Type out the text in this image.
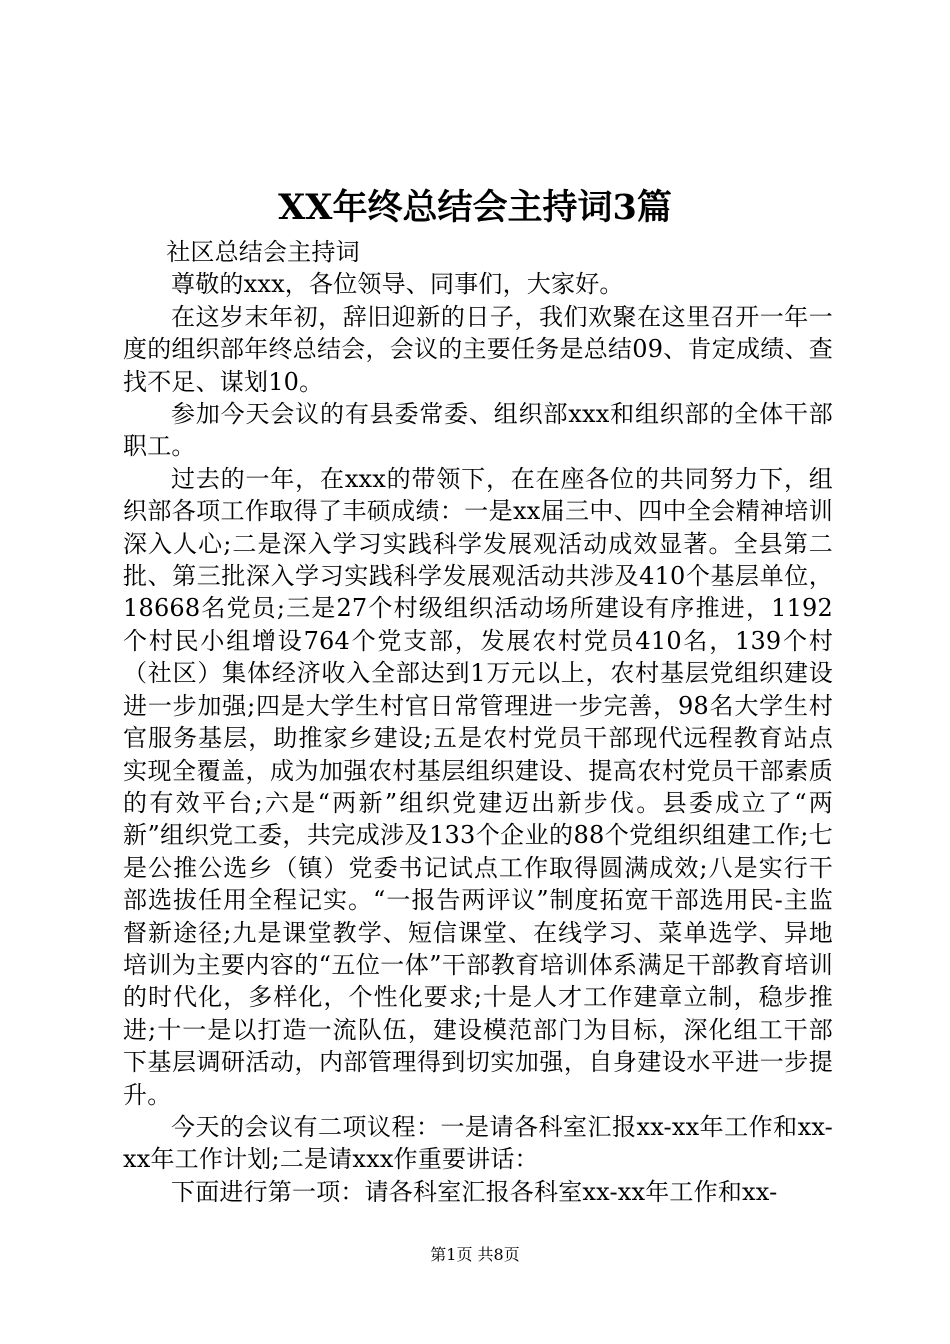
XX年终总结会主持词3篇

社区总结会主持词

尊敬的xxx，各位领导、同事们，大家好。

在这岁末年初，辞旧迎新的日子，我们欢聚在这里召开一年一度的组织部年终总结会，会议的主要任务是总结09、肯定成绩、查找不足、谋划10。

参加今天会议的有县委常委、组织部xxx和组织部的全体干部职工。

过去的一年，在xxx的带领下，在在座各位的共同努力下，组织部各项工作取得了丰硕成绩：一是xx届三中、四中全会精神培训深入人心;二是深入学习实践科学发展观活动成效显著。全县第二批、第三批深入学习实践科学发展观活动共涉及410个基层单位，18668名党员;三是27个村级组织活动场所建设有序推进，1192个村民小组增设764个党支部，发展农村党员410名，139个村（社区）集体经济收入全部达到1万元以上，农村基层党组织建设进一步加强;四是大学生村官日常管理进一步完善，98名大学生村官服务基层，助推家乡建设;五是农村党员干部现代远程教育站点实现全覆盖，成为加强农村基层组织建设、提高农村党员干部素质的有效平台;六是“两新”组织党建迈出新步伐。县委成立了“两新”组织党工委，共完成涉及133个企业的88个党组织组建工作;七是公推公选乡（镇）党委书记试点工作取得圆满成效;八是实行干部选拔任用全程记实。“一报告两评议”制度拓宽干部选用民-主监督新途径;九是课堂教学、短信课堂、在线学习、菜单选学、异地培训为主要内容的“五位一体”干部教育培训体系满足干部教育培训的时代化，多样化，个性化要求;十是人才工作建章立制，稳步推进;十一是以打造一流队伍，建设模范部门为目标，深化组工干部下基层调研活动，内部管理得到切实加强，自身建设水平进一步提升。

今天的会议有二项议程：一是请各科室汇报xx-xx年工作和xx-xx年工作计划;二是请xxx作重要讲话：

下面进行第一项：请各科室汇报各科室xx-xx年工作和xx-

第1页 共8页
